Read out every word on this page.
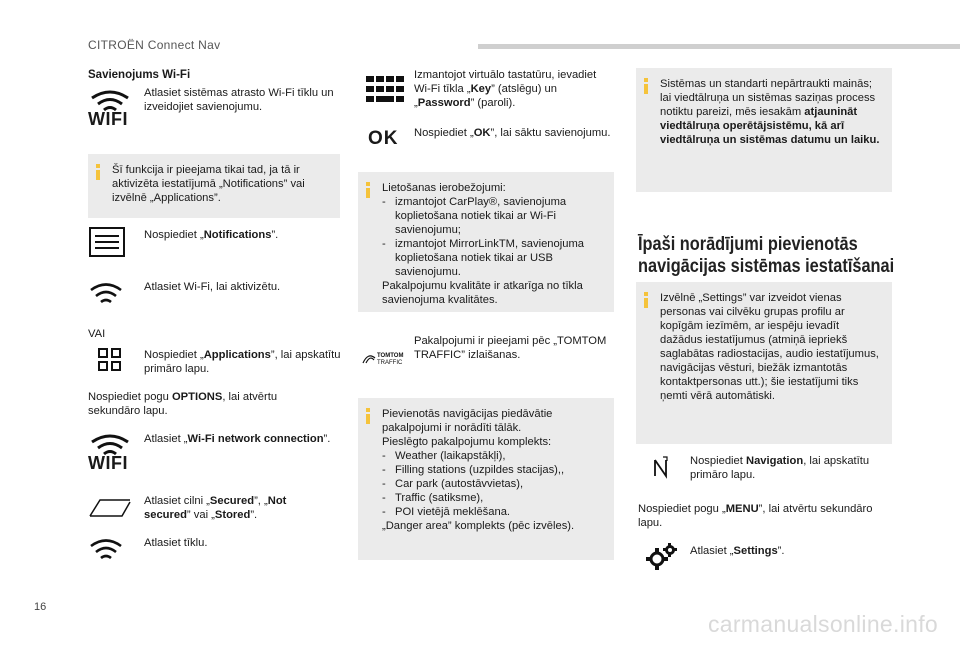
CITROËN Connect Nav
Savienojums Wi-Fi
WIFI
Atlasiet sistēmas atrasto Wi-Fi tīklu un izveidojiet savienojumu.
Šī funkcija ir pieejama tikai tad, ja tā ir aktivizēta iestatījumā „Notifications” vai izvēlnē „Applications”.
Nospiediet „Notifications”.
Atlasiet Wi-Fi, lai aktivizētu.
VAI
Nospiediet „Applications”, lai apskatītu primāro lapu.
Nospiediet pogu OPTIONS, lai atvērtu sekundāro lapu.
WIFI
Atlasiet „Wi-Fi network connection”.
Atlasiet cilni „Secured”, „Not secured” vai „Stored”.
Atlasiet tīklu.
Izmantojot virtuālo tastatūru, ievadiet Wi-Fi tīkla „Key” (atslēgu) un „Password” (paroli).
OK Nospiediet „OK”, lai sāktu savienojumu.
Lietošanas ierobežojumi:
- izmantojot CarPlay®, savienojuma koplietošana notiek tikai ar Wi-Fi savienojumu;
- izmantojot MirrorLinkTM, savienojuma koplietošana notiek tikai ar USB savienojumu.
Pakalpojumu kvalitāte ir atkarīga no tīkla savienojuma kvalitātes.
TOMTOM
TRAFFIC
Pakalpojumi ir pieejami pēc „TOMTOM TRAFFIC” izlaišanas.
Pievienotās navigācijas piedāvātie pakalpojumi ir norādīti tālāk.
Pieslēgto pakalpojumu komplekts:
- Weather (laikapstākļi),
- Filling stations (uzpildes stacijas),,
- Car park (autostāvvietas),
- Traffic (satiksme),
- POI vietējā meklēšana.
„Danger area” komplekts (pēc izvēles).
Sistēmas un standarti nepārtraukti mainās; lai viedtālruņa un sistēmas saziņas process notiktu pareizi, mēs iesakām atjaunināt viedtālruņa operētājsistēmu, kā arī viedtālruņa un sistēmas datumu un laiku.
Īpaši norādījumi pievienotās navigācijas sistēmas iestatīšanai
Izvēlnē „Settings” var izveidot vienas personas vai cilvēku grupas profilu ar kopīgām iezīmēm, ar iespēju ievadīt dažādus iestatījumus (atmiņā iepriekš saglabātas radiostacijas, audio iestatījumus, navigācijas vēsturi, biežāk izmantotās kontaktpersonas utt.); šie iestatījumi tiks ņemti vērā automātiski.
Nospiediet Navigation, lai apskatītu primāro lapu.
Nospiediet pogu „MENU”, lai atvērtu sekundāro lapu.
Atlasiet „Settings”.
16
carmanualsonline.info
